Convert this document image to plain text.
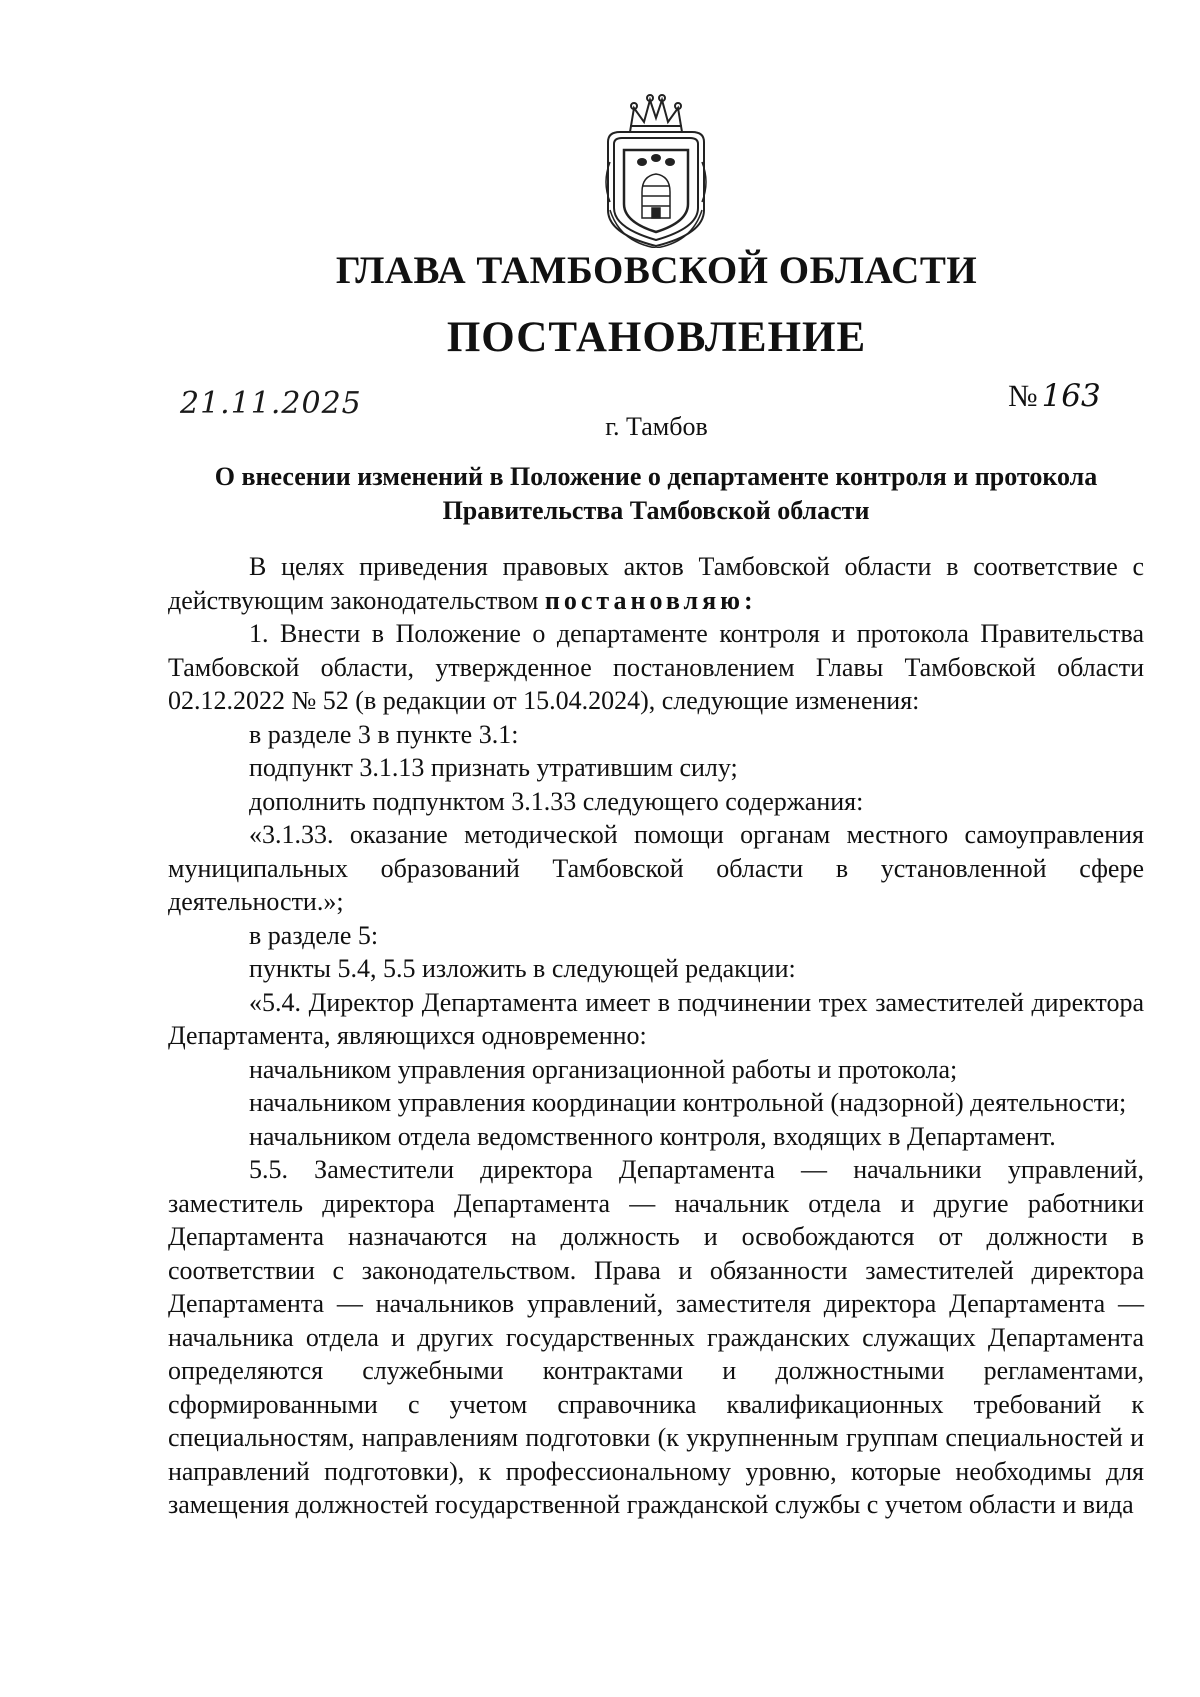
ГЛАВА ТАМБОВСКОЙ ОБЛАСТИ
ПОСТАНОВЛЕНИЕ
21.11.2025	№ 163
г. Тамбов
О внесении изменений в Положение о департаменте контроля и протокола
Правительства Тамбовской области

В целях приведения правовых актов Тамбовской области в соответствие с действующим законодательством постановляю:

1. Внести в Положение о департаменте контроля и протокола Правительства Тамбовской области, утвержденное постановлением Главы Тамбовской области 02.12.2022 № 52 (в редакции от 15.04.2024), следующие изменения:

в разделе 3 в пункте 3.1:

подпункт 3.1.13 признать утратившим силу;

дополнить подпунктом 3.1.33 следующего содержания:

«3.1.33. оказание методической помощи органам местного самоуправления муниципальных образований Тамбовской области в установленной сфере деятельности.»;

в разделе 5:

пункты 5.4, 5.5 изложить в следующей редакции:

«5.4. Директор Департамента имеет в подчинении трех заместителей директора Департамента, являющихся одновременно:

начальником управления организационной работы и протокола;

начальником управления координации контрольной (надзорной) деятельности;

начальником отдела ведомственного контроля, входящих в Департамент.

5.5. Заместители директора Департамента — начальники управлений, заместитель директора Департамента — начальник отдела и другие работники Департамента назначаются на должность и освобождаются от должности в соответствии с законодательством. Права и обязанности заместителей директора Департамента — начальников управлений, заместителя директора Департамента — начальника отдела и других государственных гражданских служащих Департамента определяются служебными контрактами и должностными регламентами, сформированными с учетом справочника квалификационных требований к специальностям, направлениям подготовки (к укрупненным группам специальностей и направлений подготовки), к профессиональному уровню, которые необходимы для замещения должностей государственной гражданской службы с учетом области и вида
